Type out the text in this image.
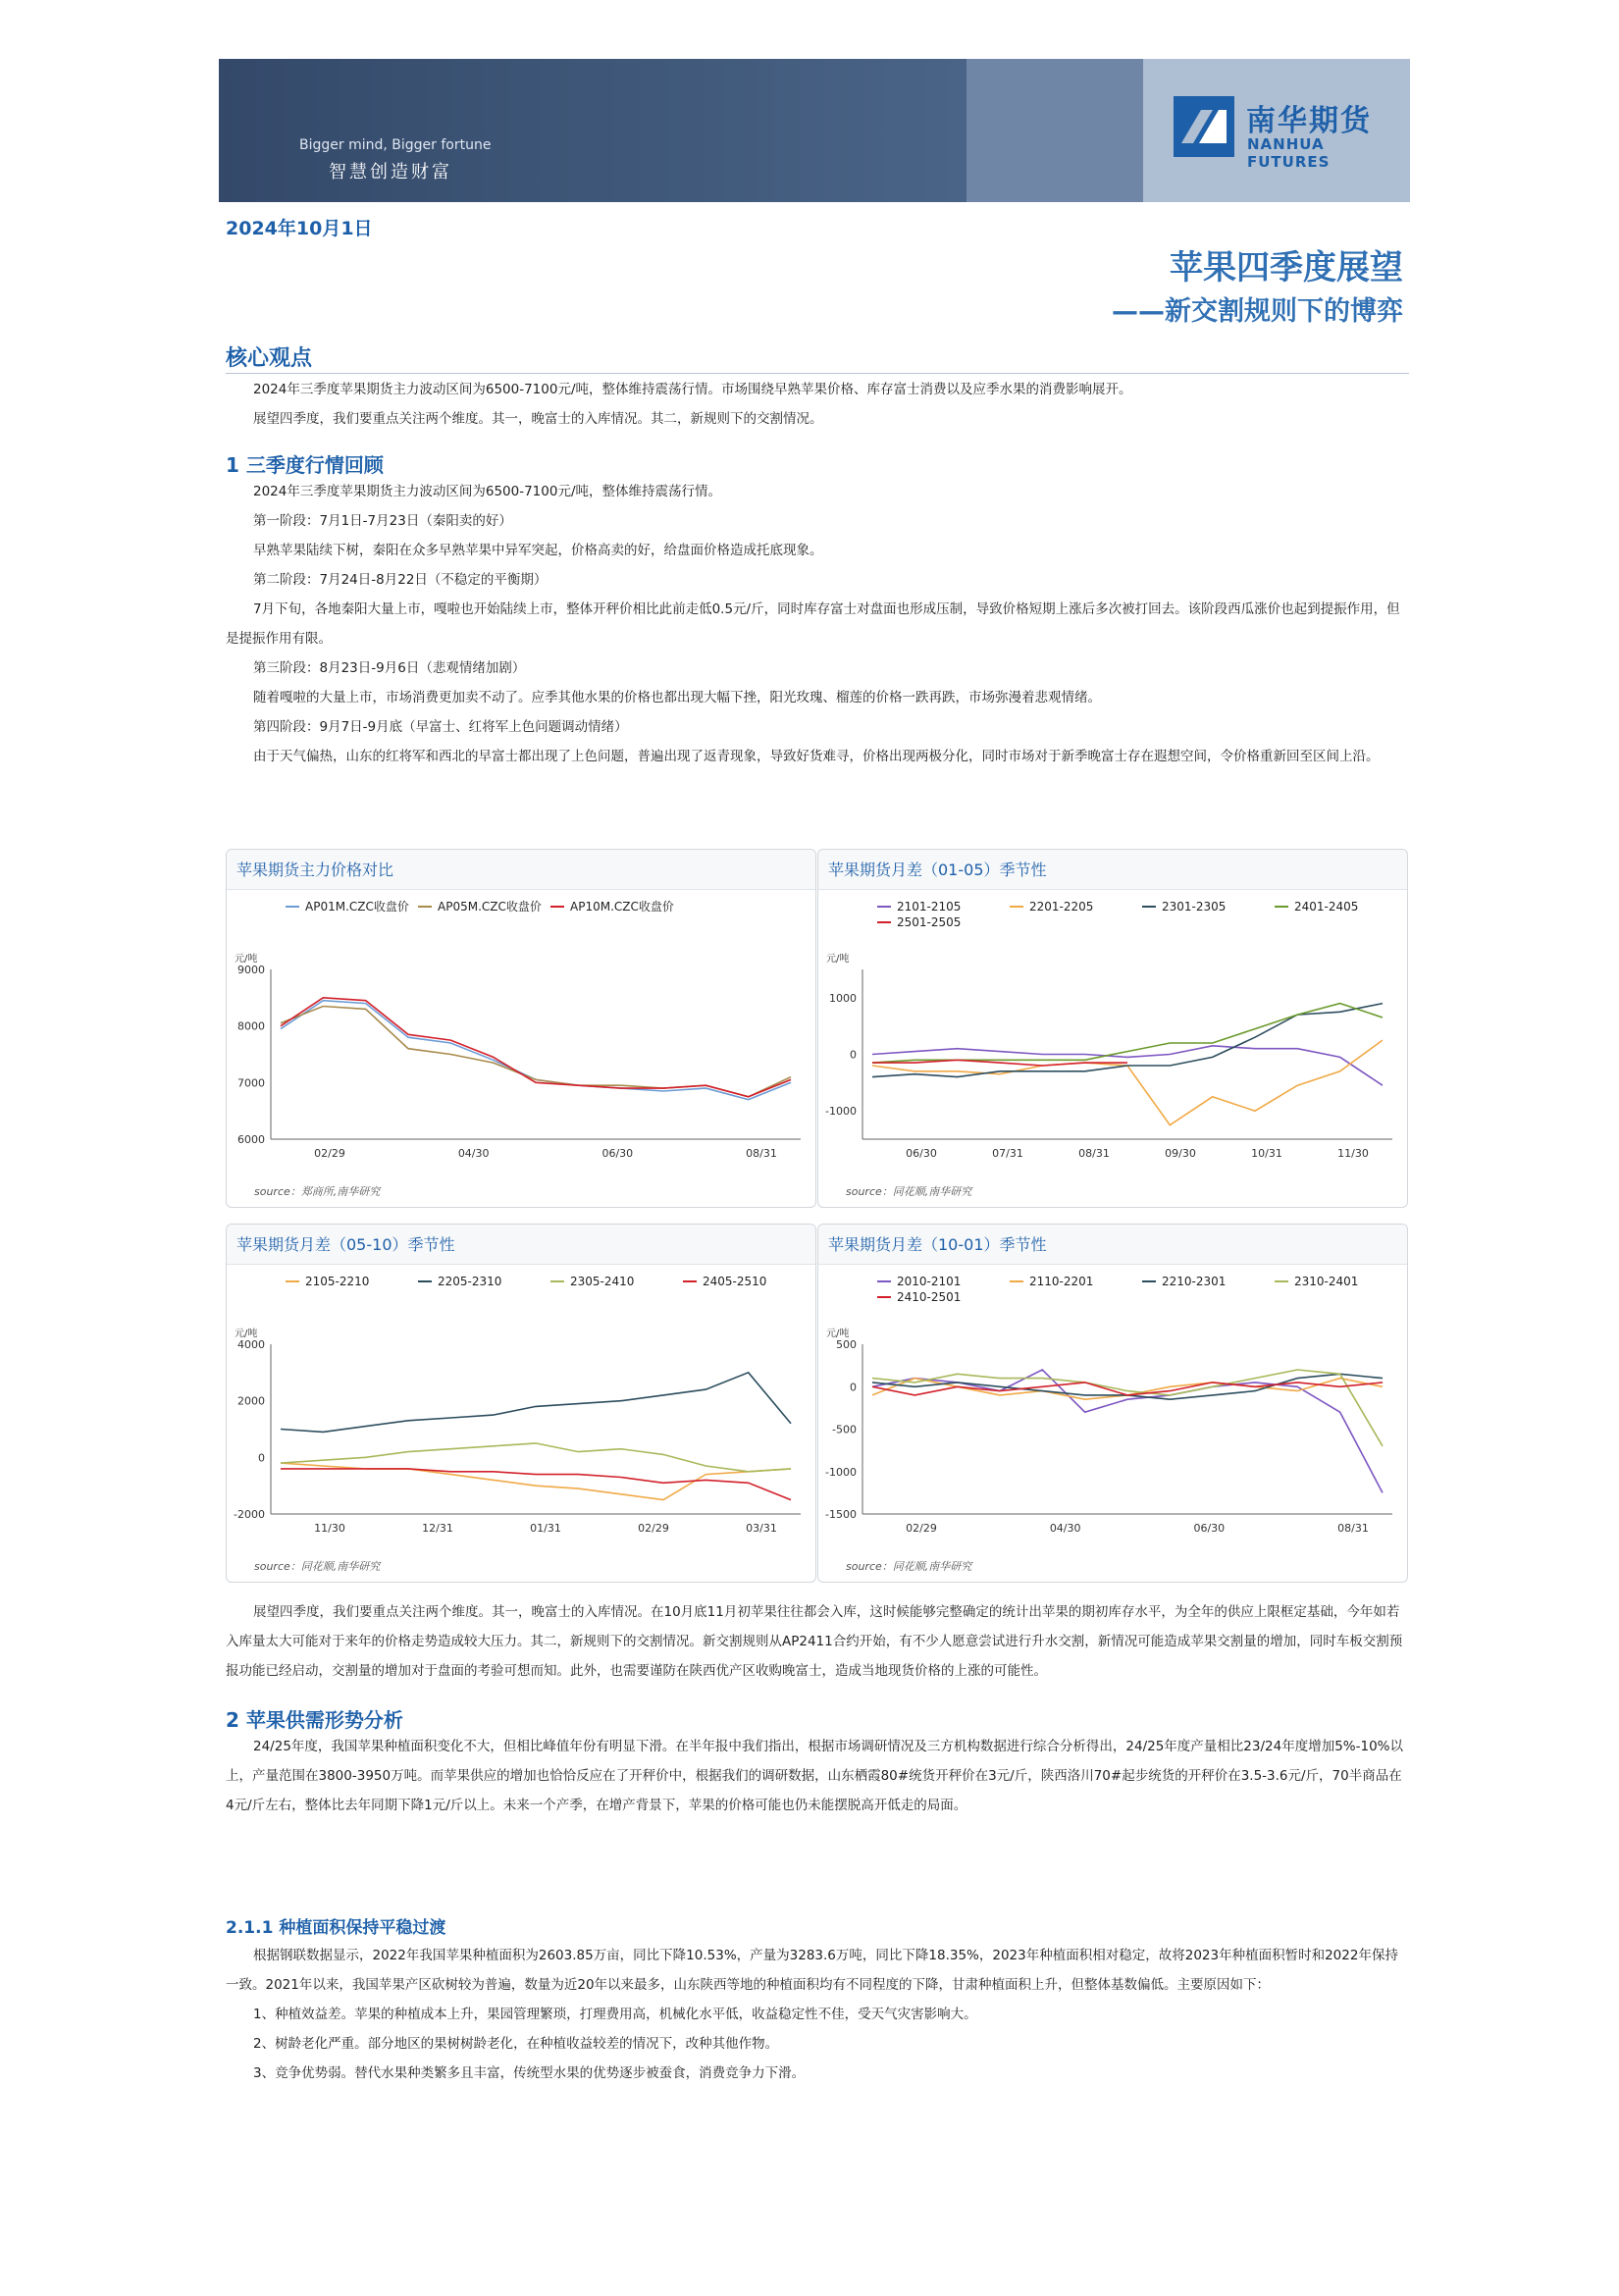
Bigger mind, Bigger fortune
智慧创造财富
南华期货
NANHUA FUTURES
2024年10月1日
苹果四季度展望
——新交割规则下的博弈
核心观点

2024年三季度苹果期货主力波动区间为6500-7100元/吨，整体维持震荡行情。市场围绕早熟苹果价格、库存富士消费以及应季水果的消费影响展开。

展望四季度，我们要重点关注两个维度。其一，晚富士的入库情况。其二，新规则下的交割情况。

1 三季度行情回顾

2024年三季度苹果期货主力波动区间为6500-7100元/吨，整体维持震荡行情。

第一阶段：7月1日-7月23日（秦阳卖的好）

早熟苹果陆续下树，秦阳在众多早熟苹果中异军突起，价格高卖的好，给盘面价格造成托底现象。

第二阶段：7月24日-8月22日（不稳定的平衡期）

7月下旬，各地秦阳大量上市，嘎啦也开始陆续上市，整体开秤价相比此前走低0.5元/斤，同时库存富士对盘面也形成压制，导致价格短期上涨后多次被打回去。该阶段西瓜涨价也起到提振作用，但是提振作用有限。

第三阶段：8月23日-9月6日（悲观情绪加剧）

随着嘎啦的大量上市，市场消费更加卖不动了。应季其他水果的价格也都出现大幅下挫，阳光玫瑰、榴莲的价格一跌再跌，市场弥漫着悲观情绪。

第四阶段：9月7日-9月底（早富士、红将军上色问题调动情绪）

由于天气偏热，山东的红将军和西北的早富士都出现了上色问题，普遍出现了返青现象，导致好货难寻，价格出现两极分化，同时市场对于新季晚富士存在遐想空间，令价格重新回至区间上沿。

苹果期货主力价格对比
AP01M.CZC收盘价 AP05M.CZC收盘价 AP10M.CZC收盘价
元/吨
6000
7000
8000
9000
02/29	04/30	06/30	08/31
source：郑商所,南华研究
苹果期货月差（01-05）季节性
2101-2105	2201-2205	2301-2305	2401-2405
2501-2505
元/吨
-1000
0
1000
06/30	07/31	08/31	09/30	10/31	11/30
source：同花顺,南华研究
苹果期货月差（05-10）季节性
2105-2210	2205-2310	2305-2410	2405-2510
元/吨
-2000
0
2000
4000
11/30	12/31	01/31	02/29	03/31
source：同花顺,南华研究
苹果期货月差（10-01）季节性
2010-2101	2110-2201	2210-2301	2310-2401
2410-2501
元/吨
-1500
-1000
-500
0
500
02/29	04/30	06/30	08/31
source：同花顺,南华研究

展望四季度，我们要重点关注两个维度。其一，晚富士的入库情况。在10月底11月初苹果往往都会入库，这时候能够完整确定的统计出苹果的期初库存水平，为全年的供应上限框定基础，今年如若入库量太大可能对于来年的价格走势造成较大压力。其二，新规则下的交割情况。新交割规则从AP2411合约开始，有不少人愿意尝试进行升水交割，新情况可能造成苹果交割量的增加，同时车板交割预报功能已经启动，交割量的增加对于盘面的考验可想而知。此外，也需要谨防在陕西优产区收购晚富士，造成当地现货价格的上涨的可能性。

2 苹果供需形势分析

24/25年度，我国苹果种植面积变化不大，但相比峰值年份有明显下滑。在半年报中我们指出，根据市场调研情况及三方机构数据进行综合分析得出，24/25年度产量相比23/24年度增加5%-10%以上，产量范围在3800-3950万吨。而苹果供应的增加也恰恰反应在了开秤价中，根据我们的调研数据，山东栖霞80#统货开秤价在3元/斤，陕西洛川70#起步统货的开秤价在3.5-3.6元/斤，70半商品在4元/斤左右，整体比去年同期下降1元/斤以上。未来一个产季，在增产背景下，苹果的价格可能也仍未能摆脱高开低走的局面。

2.1.1 种植面积保持平稳过渡

根据钢联数据显示，2022年我国苹果种植面积为2603.85万亩，同比下降10.53%，产量为3283.6万吨，同比下降18.35%，2023年种植面积相对稳定，故将2023年种植面积暂时和2022年保持一致。2021年以来，我国苹果产区砍树较为普遍，数量为近20年以来最多，山东陕西等地的种植面积均有不同程度的下降，甘肃种植面积上升，但整体基数偏低。主要原因如下：

1、种植效益差。苹果的种植成本上升，果园管理繁琐，打理费用高，机械化水平低，收益稳定性不佳，受天气灾害影响大。

2、树龄老化严重。部分地区的果树树龄老化，在种植收益较差的情况下，改种其他作物。

3、竞争优势弱。替代水果种类繁多且丰富，传统型水果的优势逐步被蚕食，消费竞争力下滑。
